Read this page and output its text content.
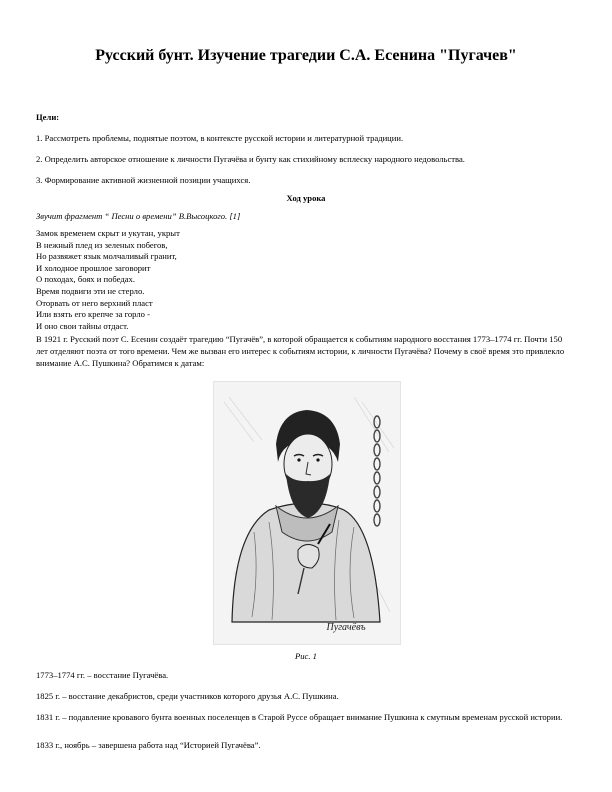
Русский бунт. Изучение трагедии С.А. Есенина "Пугачев"
Цели:
1. Рассмотреть проблемы, поднятые поэтом, в контексте русской истории и литературной традиции.
2. Определить авторское отношение к личности Пугачёва и бунту как стихийному всплеску народного недовольства.
3. Формирование активной жизненной позиции учащихся.
Ход урока
Звучит фрагмент “ Песни о времени” В.Высоцкого. [1]
Замок временем скрыт и укутан, укрыт
В нежный плед из зеленых побегов,
Но развяжет язык молчаливый гранит,
И холодное прошлое заговорит
О походах, боях и победах.
Время подвиги эти не стерло.
Оторвать от него верхний пласт
Или взять его крепче за горло -
И оно свои тайны отдаст.
В 1921 г. Русский поэт С. Есенин создаёт трагедию “Пугачёв”, в которой обращается к событиям народного восстания 1773–1774 гг. Почти 150 лет отделяют поэта от того времени. Чем же вызван его интерес к событиям истории, к личности Пугачёва? Почему в своё время это привлекло внимание А.С. Пушкина? Обратимся к датам:
Пугачёвъ
Рис. 1
1773–1774 гг. – восстание Пугачёва.
1825 г. – восстание декабристов, среди участников которого друзья А.С. Пушкина.
1831 г. – подавление кровавого бунта военных поселенцев в Старой Руссе обращает внимание Пушкина к смутным временам русской истории.
1833 г., ноябрь – завершена работа над “Историей Пугачёва”.
